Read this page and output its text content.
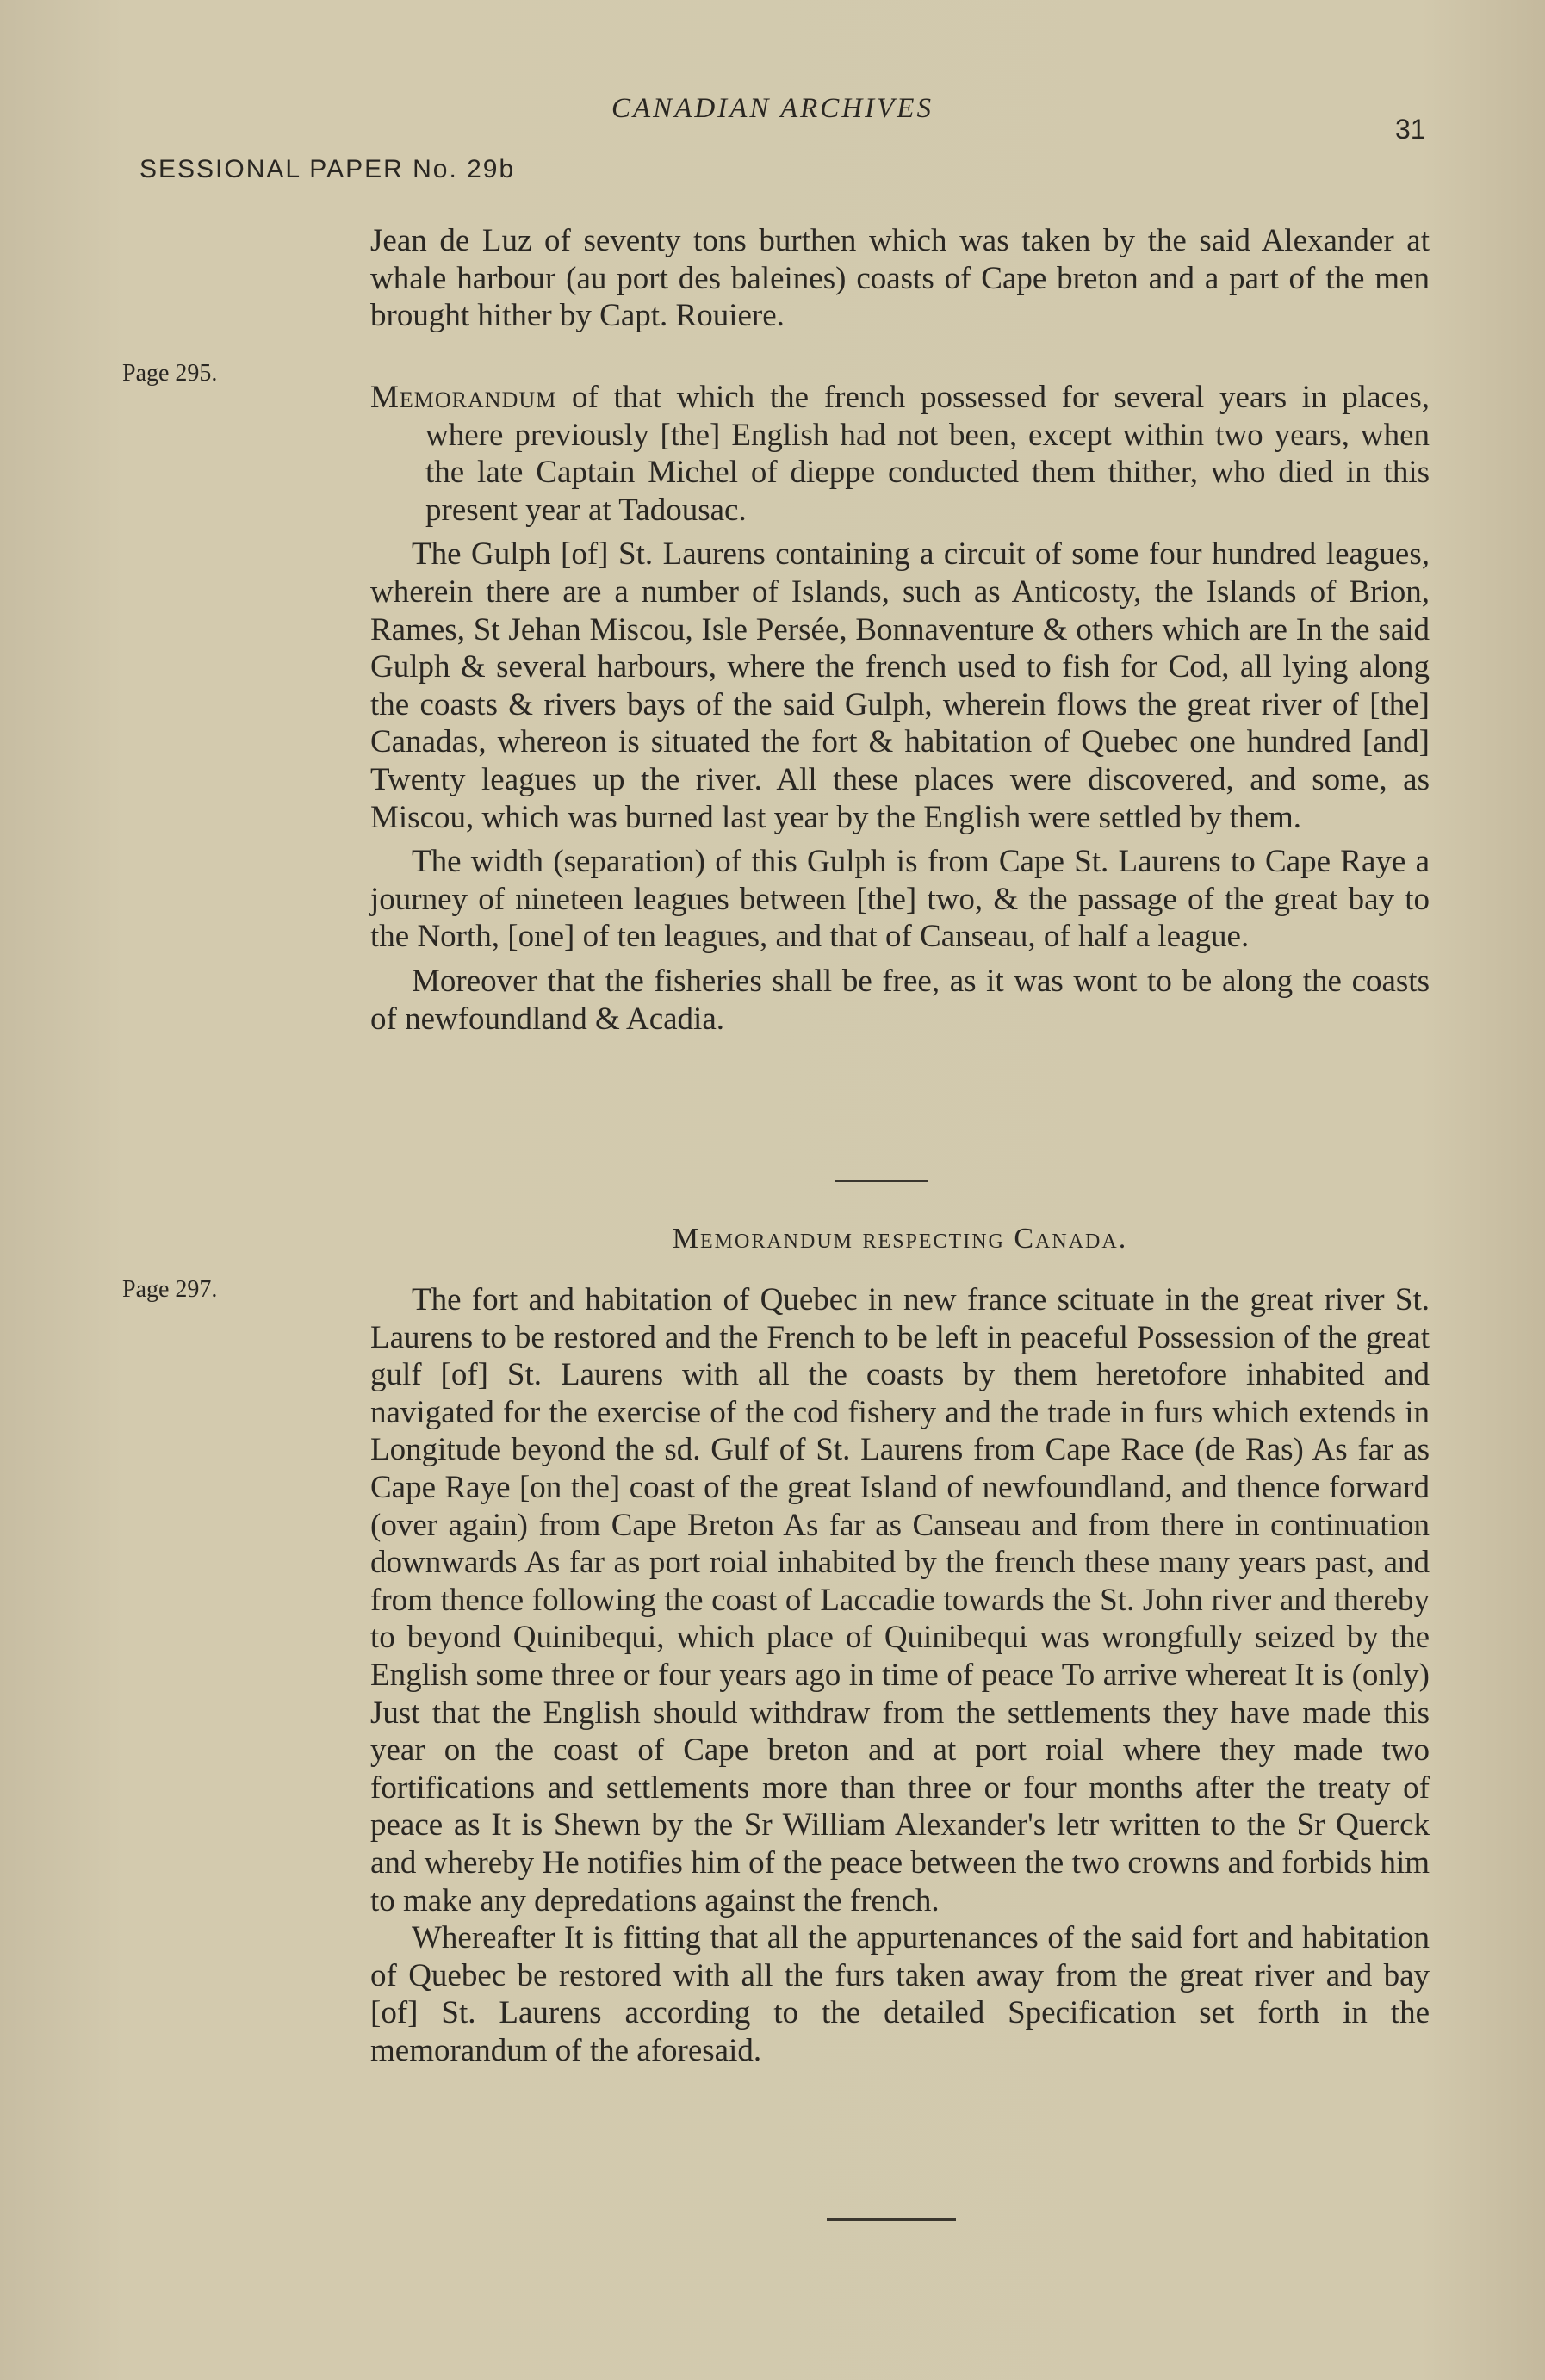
CANADIAN ARCHIVES
31
SESSIONAL PAPER No. 29b

Jean de Luz of seventy tons burthen which was taken by the said Alexander at whale harbour (au port des baleines) coasts of Cape breton and a part of the men brought hither by Capt. Rouiere.

Page 295.

Memorandum of that which the french possessed for several years in places, where previously [the] English had not been, except within two years, when the late Captain Michel of dieppe conducted them thither, who died in this present year at Tadousac.

The Gulph [of] St. Laurens containing a circuit of some four hundred leagues, wherein there are a number of Islands, such as Anticosty, the Islands of Brion, Rames, St Jehan Miscou, Isle Persée, Bonnaventure & others which are In the said Gulph & several harbours, where the french used to fish for Cod, all lying along the coasts & rivers bays of the said Gulph, wherein flows the great river of [the] Canadas, whereon is situated the fort & habitation of Quebec one hundred [and] Twenty leagues up the river. All these places were discovered, and some, as Miscou, which was burned last year by the English were settled by them.

The width (separation) of this Gulph is from Cape St. Laurens to Cape Raye a journey of nineteen leagues between [the] two, & the passage of the great bay to the North, [one] of ten leagues, and that of Canseau, of half a league.

Moreover that the fisheries shall be free, as it was wont to be along the coasts of newfoundland & Acadia.

Memorandum respecting Canada.
Page 297.	The fort and habitation of Quebec in new france scituate in the great river St. Laurens to be restored and the French to be left in peaceful Possession of the great gulf [of] St. Laurens with all the coasts by them heretofore inhabited and navigated for the exercise of the cod fishery and the trade in furs which extends in Longitude beyond the sd. Gulf of St. Laurens from Cape Race (de Ras) As far as Cape Raye [on the] coast of the great Island of newfoundland, and thence forward (over again) from Cape Breton As far as Canseau and from there in continuation downwards As far as port roial inhabited by the french these many years past, and from thence following the coast of Laccadie towards the St. John river and thereby to beyond Quinibequi, which place of Quinibequi was wrongfully seized by the English some three or four years ago in time of peace To arrive whereat It is (only) Just that the English should withdraw from the settlements they have made this year on the coast of Cape breton and at port roial where they made two fortifications and settlements more than three or four months after the treaty of peace as It is Shewn by the Sr William Alexander's letr written to the Sr Querck and whereby He notifies him of the peace between the two crowns and forbids him to make any depredations against the french.

Whereafter It is fitting that all the appurtenances of the said fort and habitation of Quebec be restored with all the furs taken away from the great river and bay [of] St. Laurens according to the detailed Specification set forth in the memorandum of the aforesaid.
